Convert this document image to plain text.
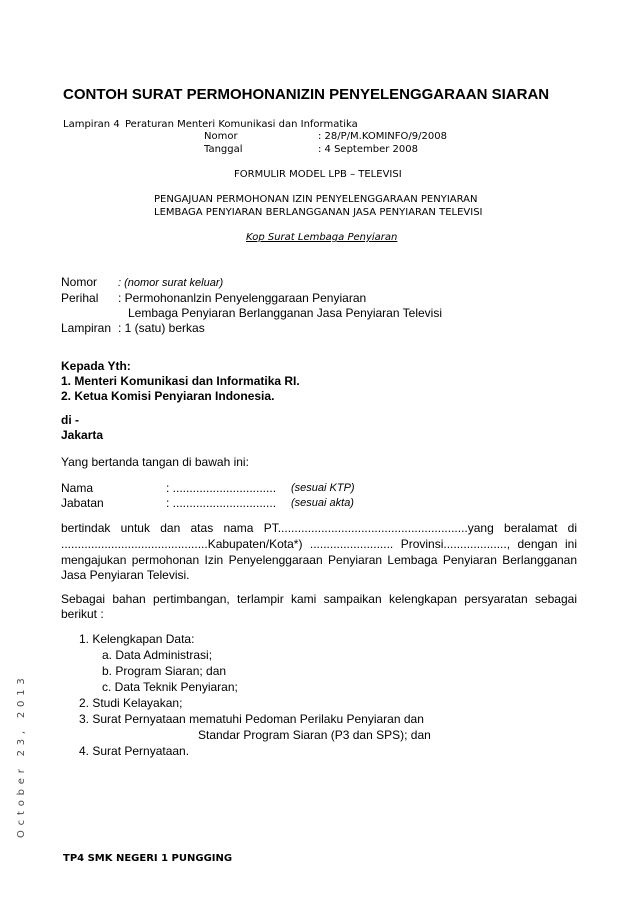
CONTOH SURAT PERMOHONANIZIN PENYELENGGARAAN SIARAN
Lampiran 4 Peraturan Menteri Komunikasi dan Informatika
Nomor	: 28/P/M.KOMINFO/9/2008
Tanggal	: 4 September 2008
FORMULIR MODEL LPB – TELEVISI
PENGAJUAN PERMOHONAN IZIN PENYELENGGARAAN PENYIARAN
LEMBAGA PENYIARAN BERLANGGANAN JASA PENYIARAN TELEVISI
Kop Surat Lembaga Penyiaran
Nomor : (nomor surat keluar)
Perihal : Permohonanlzin Penyelenggaraan Penyiaran
Lembaga Penyiaran Berlangganan Jasa Penyiaran Televisi
Lampiran : 1 (satu) berkas
Kepada Yth:
1. Menteri Komunikasi dan Informatika RI.
2. Ketua Komisi Penyiaran Indonesia.
di -
Jakarta
Yang bertanda tangan di bawah ini:
Nama	: ............................... (sesuai KTP)
Jabatan	: ............................... (sesuai akta)
bertindak untuk dan atas nama PT.........................................................yang beralamat di
............................................Kabupaten/Kota*) ......................... Provinsi..................., dengan ini
mengajukan permohonan Izin Penyelenggaraan Penyiaran Lembaga Penyiaran Berlangganan
Jasa Penyiaran Televisi.
Sebagai bahan pertimbangan, terlampir kami sampaikan kelengkapan persyaratan sebagai
berikut :
1. Kelengkapan Data:
a. Data Administrasi;
b. Program Siaran; dan
c. Data Teknik Penyiaran;
2. Studi Kelayakan;
3. Surat Pernyataan mematuhi Pedoman Perilaku Penyiaran dan
Standar Program Siaran (P3 dan SPS); dan
4. Surat Pernyataan.
October 23, 2013
TP4 SMK NEGERI 1 PUNGGING
